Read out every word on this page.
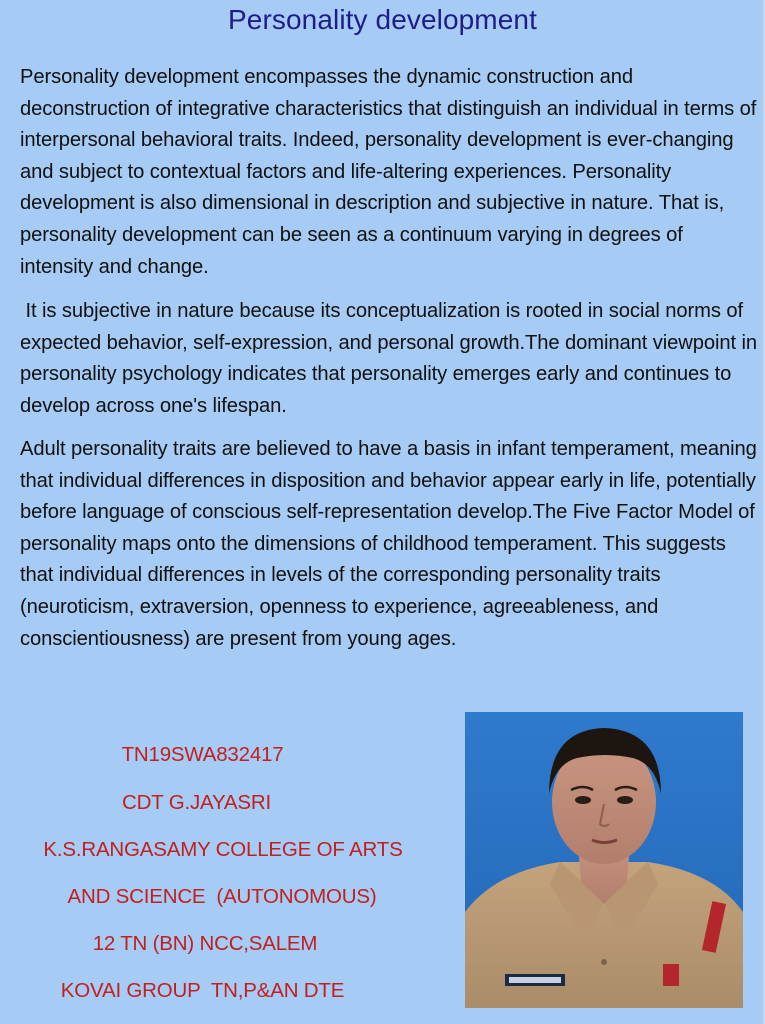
Personality development

Personality development encompasses the dynamic construction and deconstruction of integrative characteristics that distinguish an individual in terms of interpersonal behavioral traits. Indeed, personality development is ever-changing and subject to contextual factors and life-altering experiences. Personality development is also dimensional in description and subjective in nature. That is, personality development can be seen as a continuum varying in degrees of intensity and change.

It is subjective in nature because its conceptualization is rooted in social norms of expected behavior, self-expression, and personal growth.The dominant viewpoint in personality psychology indicates that personality emerges early and continues to develop across one's lifespan.

Adult personality traits are believed to have a basis in infant temperament, meaning that individual differences in disposition and behavior appear early in life, potentially before language of conscious self-representation develop.The Five Factor Model of personality maps onto the dimensions of childhood temperament. This suggests that individual differences in levels of the corresponding personality traits (neuroticism, extraversion, openness to experience, agreeableness, and conscientiousness) are present from young ages.

TN19SWA832417
CDT G.JAYASRI
K.S.RANGASAMY COLLEGE OF ARTS
AND SCIENCE  (AUTONOMOUS)
12 TN (BN) NCC,SALEM
KOVAI GROUP  TN,P&AN DTE
